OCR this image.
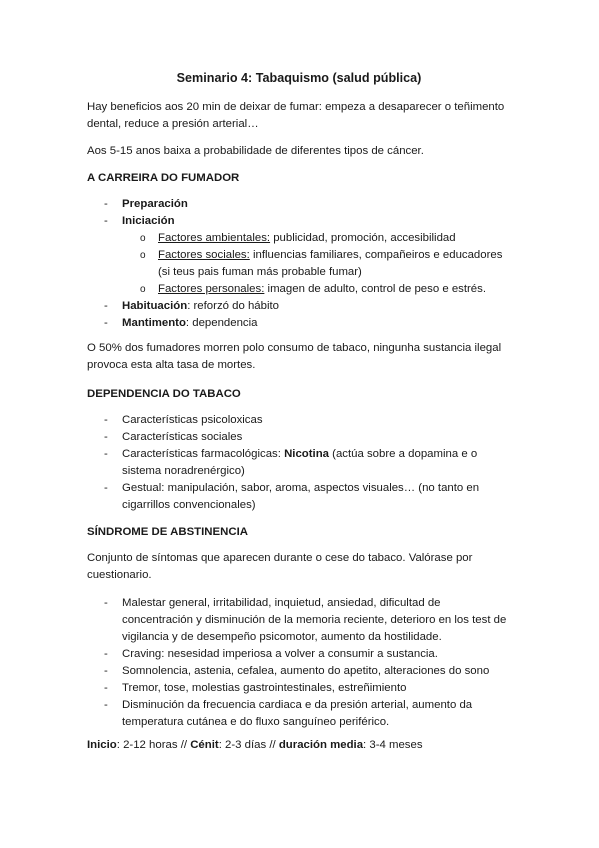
Seminario 4: Tabaquismo (salud pública)

Hay beneficios aos 20 min de deixar de fumar: empeza a desaparecer o teñimento dental, reduce a presión arterial…

Aos 5-15 anos baixa a probabilidade de diferentes tipos de cáncer.

A CARREIRA DO FUMADOR
- Preparación
- Iniciación
o Factores ambientales: publicidad, promoción, accesibilidad
o Factores sociales: influencias familiares, compañeiros e educadores (si teus pais fuman más probable fumar)
o Factores personales: imagen de adulto, control de peso e estrés.
- Habituación: reforzó do hábito
- Mantimento: dependencia

O 50% dos fumadores morren polo consumo de tabaco, ningunha sustancia ilegal provoca esta alta tasa de mortes.

DEPENDENCIA DO TABACO
- Características psicoloxicas
- Características sociales
- Características farmacológicas: Nicotina (actúa sobre a dopamina e o sistema noradrenérgico)
- Gestual: manipulación, sabor, aroma, aspectos visuales… (no tanto en cigarrillos convencionales)
SÍNDROME DE ABSTINENCIA

Conjunto de síntomas que aparecen durante o cese do tabaco. Valórase por cuestionario.

- Malestar general, irritabilidad, inquietud, ansiedad, dificultad de concentración y disminución de la memoria reciente, deterioro en los test de vigilancia y de desempeño psicomotor, aumento da hostilidade.
- Craving: nesesidad imperiosa a volver a consumir a sustancia.
- Somnolencia, astenia, cefalea, aumento do apetito, alteraciones do sono
- Tremor, tose, molestias gastrointestinales, estreñimiento
- Disminución da frecuencia cardiaca e da presión arterial, aumento da temperatura cutánea e do fluxo sanguíneo periférico.

Inicio: 2-12 horas // Cénit: 2-3 días // duración media: 3-4 meses
